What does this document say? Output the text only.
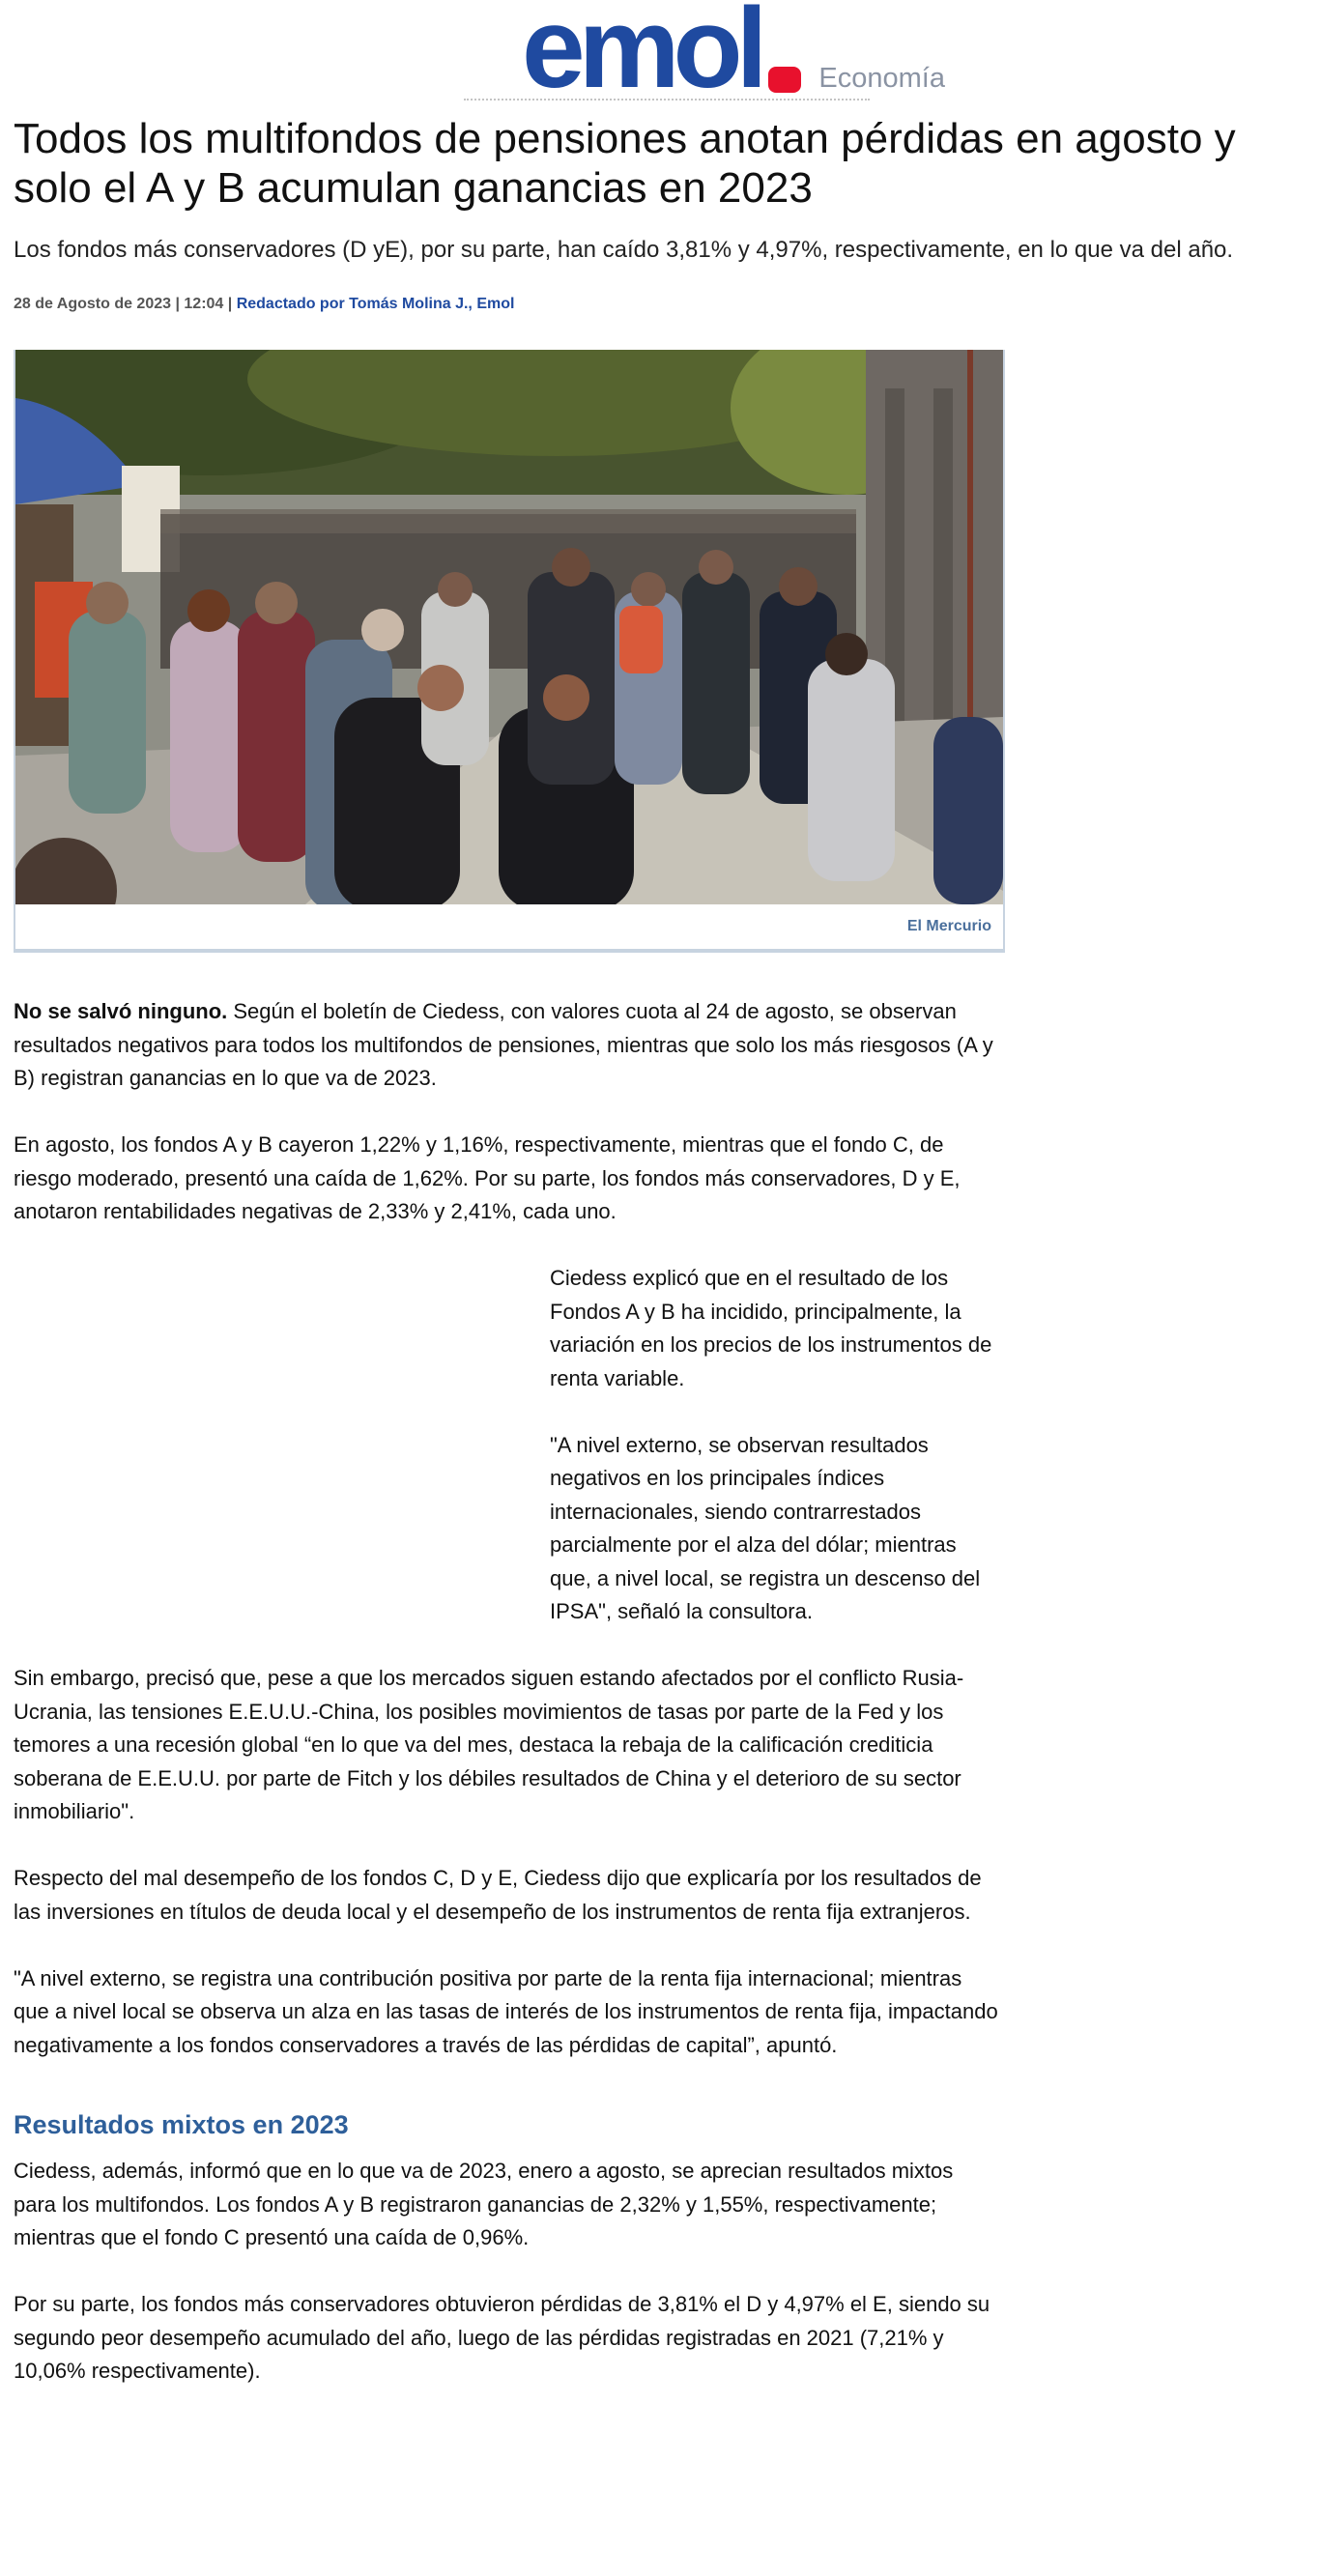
emol Economía
Todos los multifondos de pensiones anotan pérdidas en agosto y solo el A y B acumulan ganancias en 2023

Los fondos más conservadores (D yE), por su parte, han caído 3,81% y 4,97%, respectivamente, en lo que va del año.

28 de Agosto de 2023 | 12:04 | Redactado por Tomás Molina J., Emol
El Mercurio

No se salvó ninguno. Según el boletín de Ciedess, con valores cuota al 24 de agosto, se observan resultados negativos para todos los multifondos de pensiones, mientras que solo los más riesgosos (A y B) registran ganancias en lo que va de 2023.

En agosto, los fondos A y B cayeron 1,22% y 1,16%, respectivamente, mientras que el fondo C, de riesgo moderado, presentó una caída de 1,62%. Por su parte, los fondos más conservadores, D y E, anotaron rentabilidades negativas de 2,33% y 2,41%, cada uno.

Ciedess explicó que en el resultado de los Fondos A y B ha incidido, principalmente, la variación en los precios de los instrumentos de renta variable.

"A nivel externo, se observan resultados negativos en los principales índices internacionales, siendo contrarrestados parcialmente por el alza del dólar; mientras que, a nivel local, se registra un descenso del IPSA", señaló la consultora.

Sin embargo, precisó que, pese a que los mercados siguen estando afectados por el conflicto Rusia-Ucrania, las tensiones E.E.U.U.-China, los posibles movimientos de tasas por parte de la Fed y los temores a una recesión global “en lo que va del mes, destaca la rebaja de la calificación crediticia soberana de E.E.U.U. por parte de Fitch y los débiles resultados de China y el deterioro de su sector inmobiliario".

Respecto del mal desempeño de los fondos C, D y E, Ciedess dijo que explicaría por los resultados de las inversiones en títulos de deuda local y el desempeño de los instrumentos de renta fija extranjeros.

"A nivel externo, se registra una contribución positiva por parte de la renta fija internacional; mientras que a nivel local se observa un alza en las tasas de interés de los instrumentos de renta fija, impactando negativamente a los fondos conservadores a través de las pérdidas de capital”, apuntó.

Resultados mixtos en 2023

Ciedess, además, informó que en lo que va de 2023, enero a agosto, se aprecian resultados mixtos para los multifondos. Los fondos A y B registraron ganancias de 2,32% y 1,55%, respectivamente; mientras que el fondo C presentó una caída de 0,96%.

Por su parte, los fondos más conservadores obtuvieron pérdidas de 3,81% el D y 4,97% el E, siendo su segundo peor desempeño acumulado del año, luego de las pérdidas registradas en 2021 (7,21% y 10,06% respectivamente).
